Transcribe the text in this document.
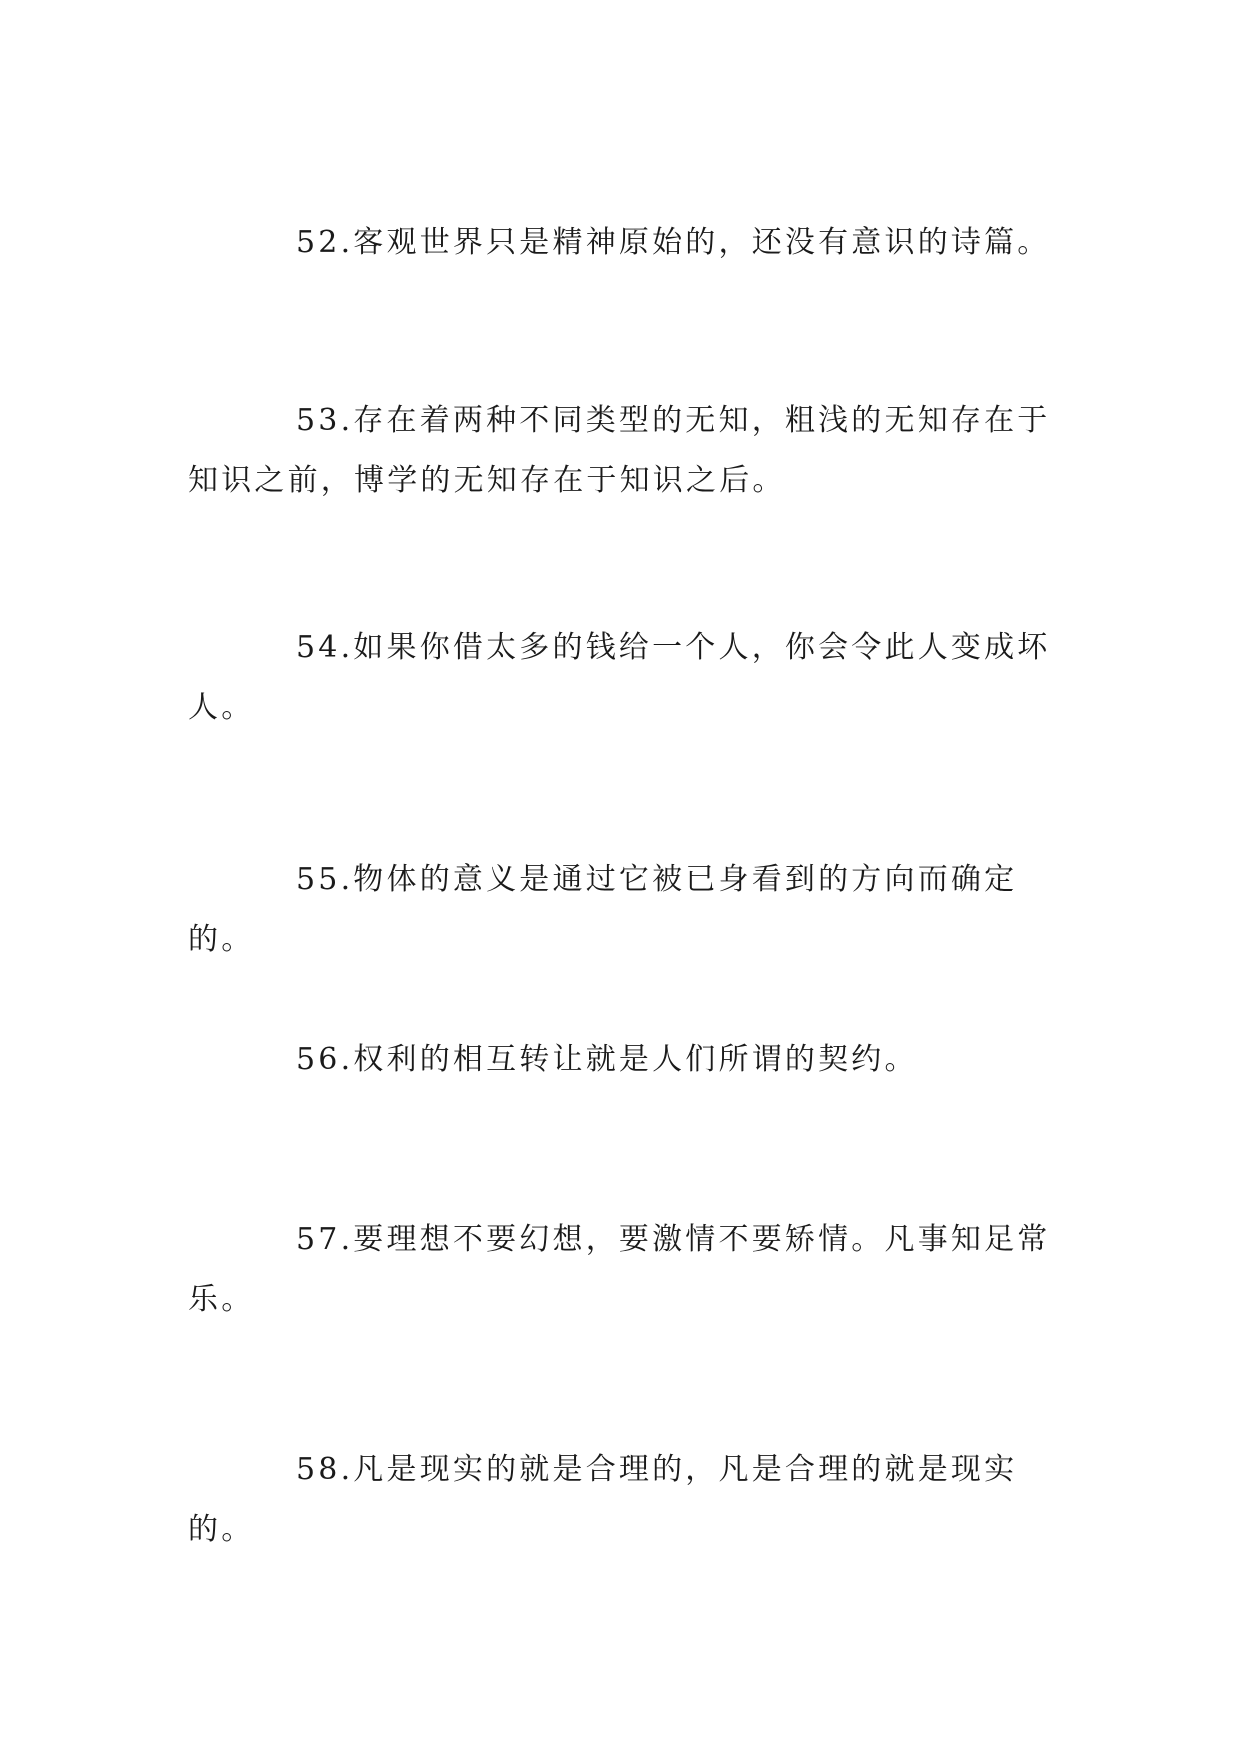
52.客观世界只是精神原始的，还没有意识的诗篇。

53.存在着两种不同类型的无知，粗浅的无知存在于知识之前，博学的无知存在于知识之后。

54.如果你借太多的钱给一个人，你会令此人变成坏人。

55.物体的意义是通过它被已身看到的方向而确定的。

56.权利的相互转让就是人们所谓的契约。

57.要理想不要幻想，要激情不要矫情。凡事知足常乐。

58.凡是现实的就是合理的，凡是合理的就是现实的。
